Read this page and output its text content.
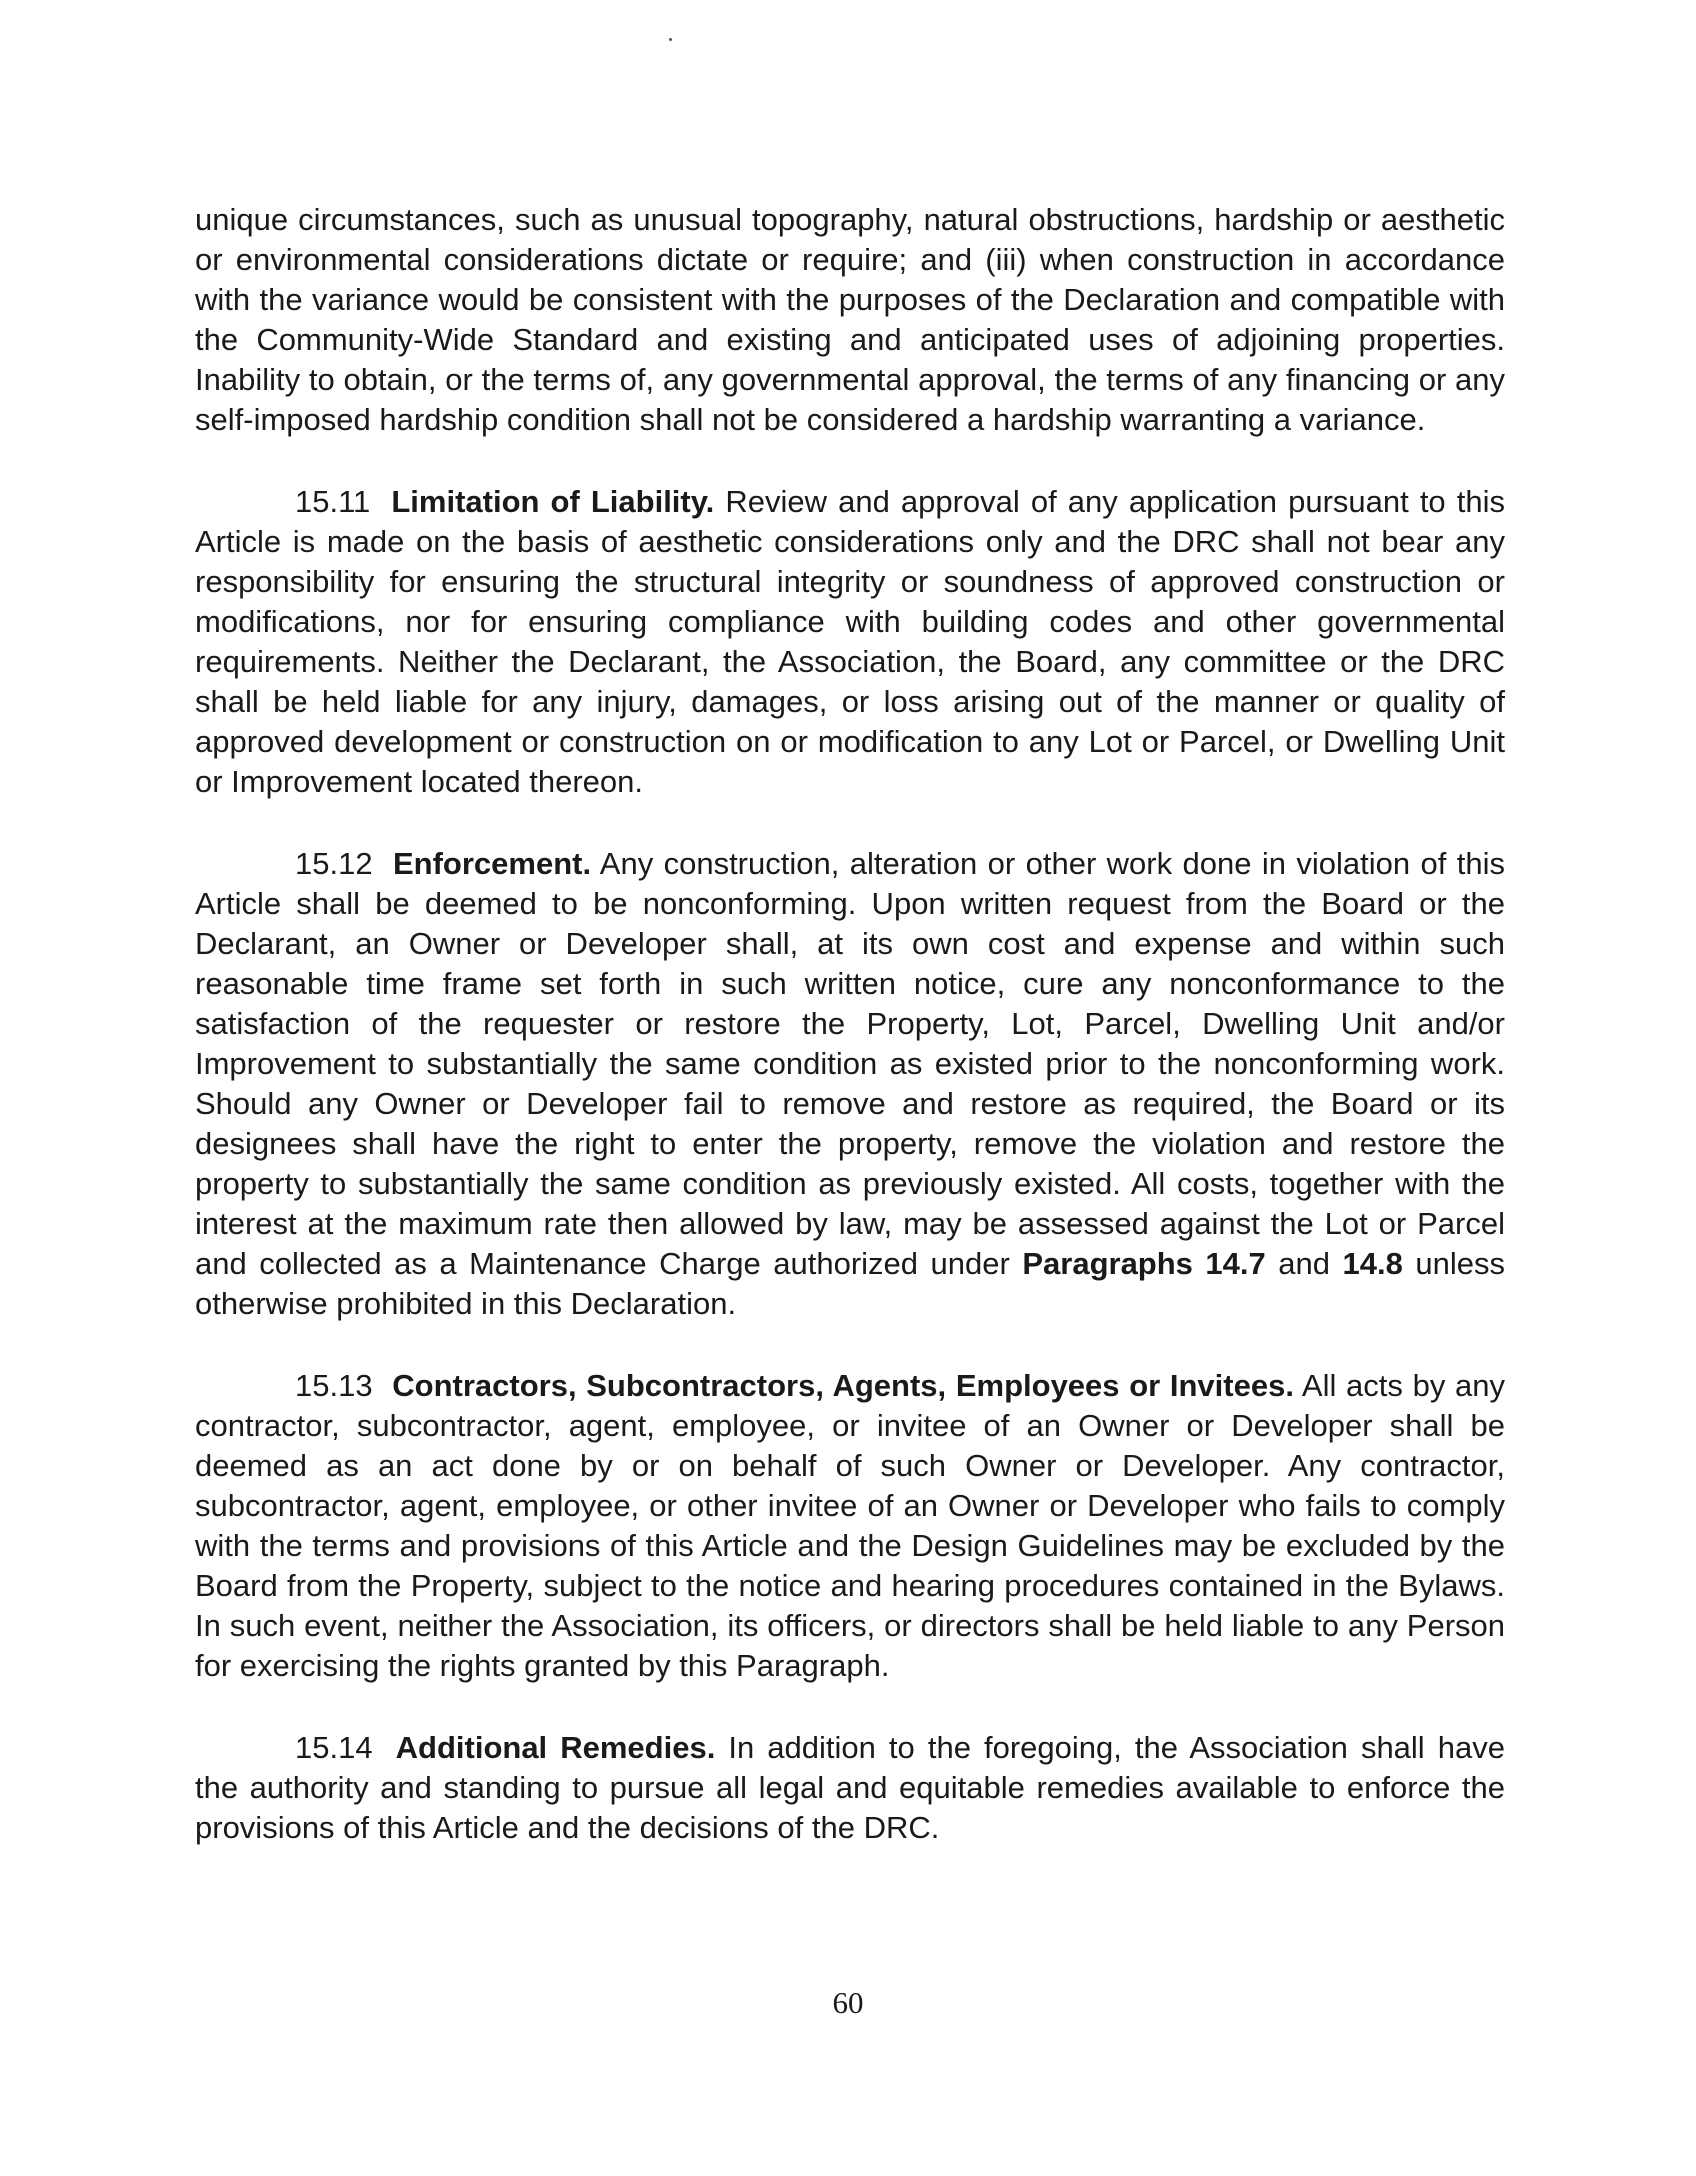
unique circumstances, such as unusual topography, natural obstructions, hardship or aesthetic or environmental considerations dictate or require; and (iii) when construction in accordance with the variance would be consistent with the purposes of the Declaration and compatible with the Community-Wide Standard and existing and anticipated uses of adjoining properties. Inability to obtain, or the terms of, any governmental approval, the terms of any financing or any self-imposed hardship condition shall not be considered a hardship warranting a variance.

15.11 Limitation of Liability. Review and approval of any application pursuant to this Article is made on the basis of aesthetic considerations only and the DRC shall not bear any responsibility for ensuring the structural integrity or soundness of approved construction or modifications, nor for ensuring compliance with building codes and other governmental requirements. Neither the Declarant, the Association, the Board, any committee or the DRC shall be held liable for any injury, damages, or loss arising out of the manner or quality of approved development or construction on or modification to any Lot or Parcel, or Dwelling Unit or Improvement located thereon.

15.12 Enforcement. Any construction, alteration or other work done in violation of this Article shall be deemed to be nonconforming. Upon written request from the Board or the Declarant, an Owner or Developer shall, at its own cost and expense and within such reasonable time frame set forth in such written notice, cure any nonconformance to the satisfaction of the requester or restore the Property, Lot, Parcel, Dwelling Unit and/or Improvement to substantially the same condition as existed prior to the nonconforming work. Should any Owner or Developer fail to remove and restore as required, the Board or its designees shall have the right to enter the property, remove the violation and restore the property to substantially the same condition as previously existed. All costs, together with the interest at the maximum rate then allowed by law, may be assessed against the Lot or Parcel and collected as a Maintenance Charge authorized under Paragraphs 14.7 and 14.8 unless otherwise prohibited in this Declaration.

15.13 Contractors, Subcontractors, Agents, Employees or Invitees. All acts by any contractor, subcontractor, agent, employee, or invitee of an Owner or Developer shall be deemed as an act done by or on behalf of such Owner or Developer. Any contractor, subcontractor, agent, employee, or other invitee of an Owner or Developer who fails to comply with the terms and provisions of this Article and the Design Guidelines may be excluded by the Board from the Property, subject to the notice and hearing procedures contained in the Bylaws. In such event, neither the Association, its officers, or directors shall be held liable to any Person for exercising the rights granted by this Paragraph.

15.14 Additional Remedies. In addition to the foregoing, the Association shall have the authority and standing to pursue all legal and equitable remedies available to enforce the provisions of this Article and the decisions of the DRC.

60
